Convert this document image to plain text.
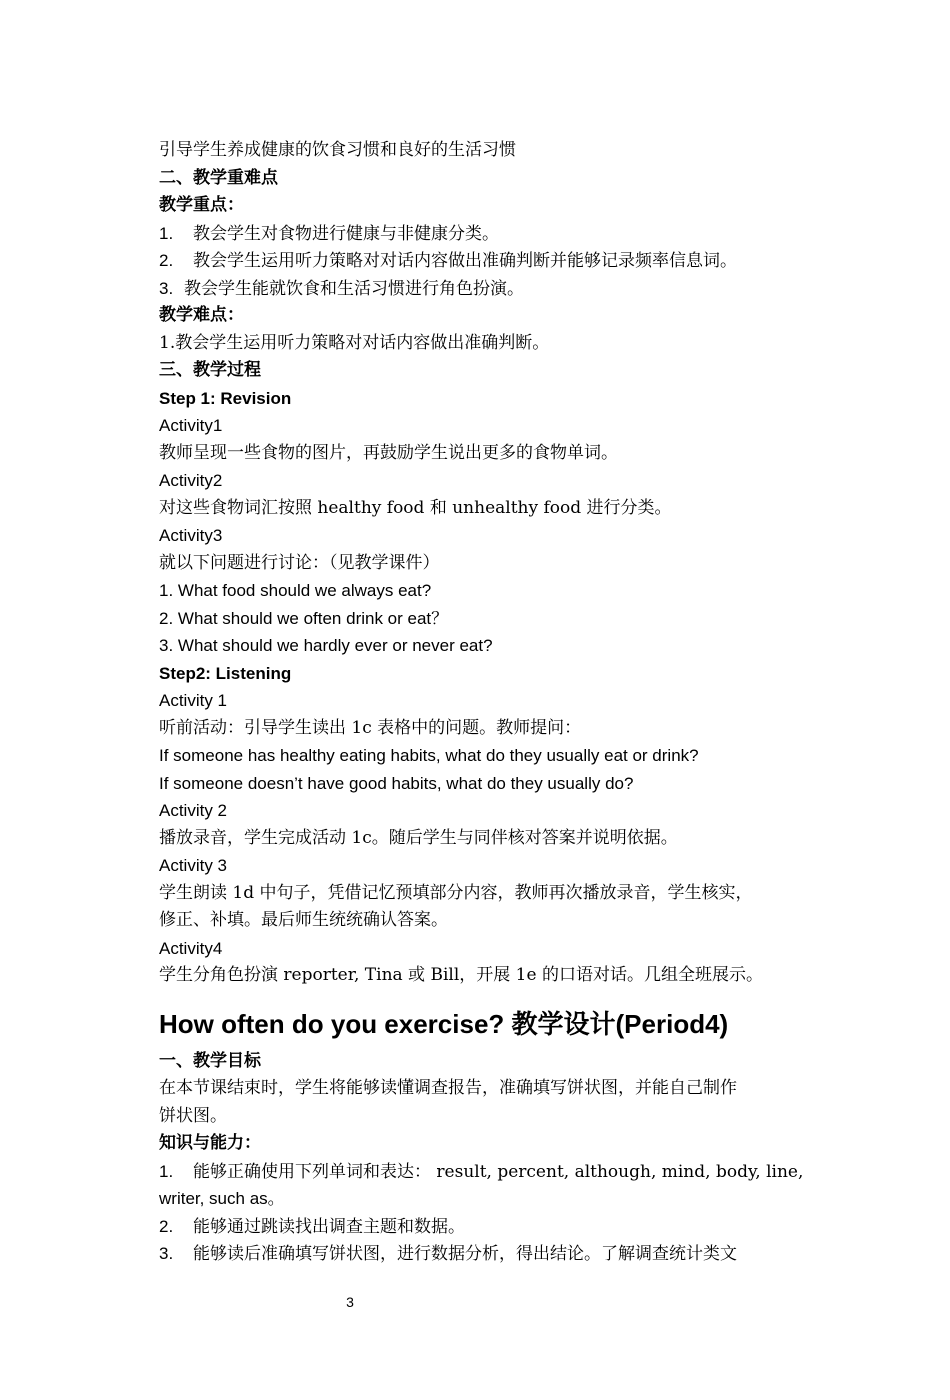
引导学生养成健康的饮食习惯和良好的生活习惯
二、教学重难点
教学重点：
1. 教会学生对食物进行健康与非健康分类。
2. 教会学生运用听力策略对对话内容做出准确判断并能够记录频率信息词。
3. 教会学生能就饮食和生活习惯进行角色扮演。
教学难点：
1.教会学生运用听力策略对对话内容做出准确判断。
三、教学过程
Step 1: Revision
Activity1
教师呈现一些食物的图片，再鼓励学生说出更多的食物单词。
Activity2
对这些食物词汇按照 healthy food 和 unhealthy food 进行分类。
Activity3
就以下问题进行讨论：（见教学课件）
1. What food should we always eat?
2. What should we often drink or eat？
3. What should we hardly ever or never eat?
Step2: Listening
Activity 1
听前活动：引导学生读出 1c 表格中的问题。教师提问：
If someone has healthy eating habits, what do they usually eat or drink?
If someone doesn’t have good habits, what do they usually do?
Activity 2
播放录音，学生完成活动 1c。随后学生与同伴核对答案并说明依据。
Activity 3
学生朗读 1d 中句子，凭借记忆预填部分内容，教师再次播放录音，学生核实，
修正、补填。最后师生统统确认答案。
Activity4
学生分角色扮演 reporter, Tina 或 Bill，开展 1e 的口语对话。几组全班展示。
How often do you exercise? 教学设计(Period4)
一、教学目标
在本节课结束时，学生将能够读懂调查报告，准确填写饼状图，并能自己制作
饼状图。
知识与能力：
1. 能够正确使用下列单词和表达： result, percent, although, mind, body, line,
writer, such as。
2. 能够通过跳读找出调查主题和数据。
3. 能够读后准确填写饼状图，进行数据分析，得出结论。了解调查统计类文
3
